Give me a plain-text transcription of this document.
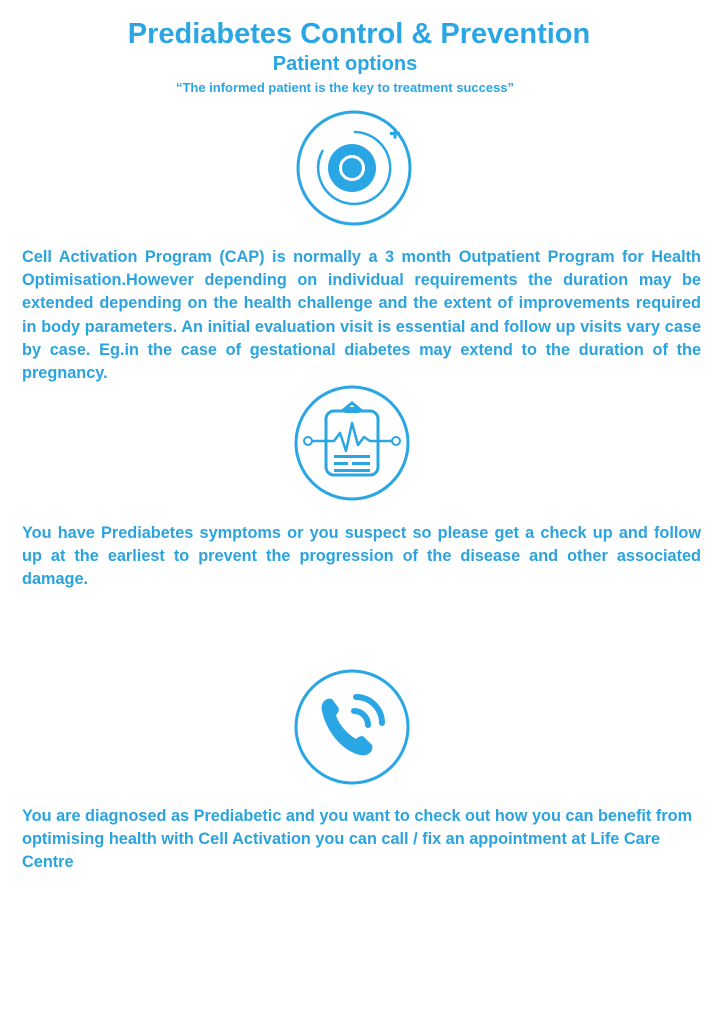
Prediabetes Control & Prevention
Patient options

“The informed patient is the key to treatment success”

Cell Activation Program (CAP) is normally a 3 month Outpatient Program for Health Optimisation.However depending on individual requirements the duration may be extended depending on the health challenge and the extent of improvements required in body parameters. An initial evaluation visit is essential and follow up visits vary case by case. Eg.in the case of gestational diabetes may extend to the duration of the pregnancy.

You have Prediabetes symptoms or you suspect so please get a check up and follow up at the earliest to prevent the progression of the disease and other associated damage.

You are diagnosed as Prediabetic and you want to check out how you can benefit from optimising health with Cell Activation you can call / fix an appointment at Life Care Centre
